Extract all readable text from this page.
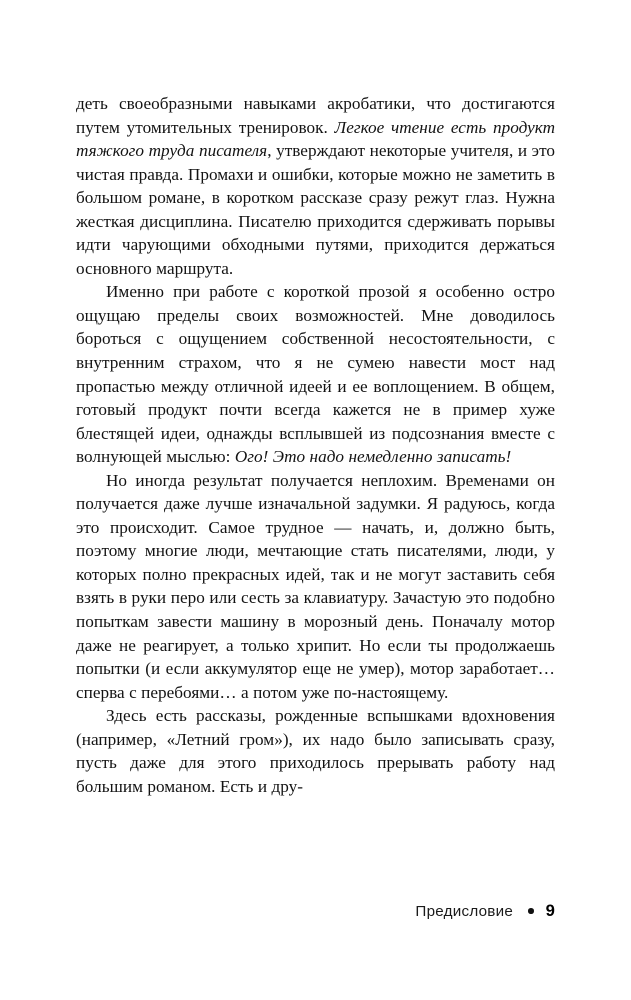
деть своеобразными навыками акробатики, что достигаются путем утомительных тренировок. Легкое чтение есть продукт тяжкого труда писателя, утверждают некоторые учителя, и это чистая правда. Промахи и ошибки, которые можно не заметить в большом романе, в коротком рассказе сразу режут глаз. Нужна жесткая дисциплина. Писателю приходится сдерживать порывы идти чарующими обходными путями, приходится держаться основного маршрута.

Именно при работе с короткой прозой я особенно остро ощущаю пределы своих возможностей. Мне доводилось бороться с ощущением собственной несостоятельности, с внутренним страхом, что я не сумею навести мост над пропастью между отличной идеей и ее воплощением. В общем, готовый продукт почти всегда кажется не в пример хуже блестящей идеи, однажды всплывшей из подсознания вместе с волнующей мыслью: Ого! Это надо немедленно записать!

Но иногда результат получается неплохим. Временами он получается даже лучше изначальной задумки. Я радуюсь, когда это происходит. Самое трудное — начать, и, должно быть, поэтому многие люди, мечтающие стать писателями, люди, у которых полно прекрасных идей, так и не могут заставить себя взять в руки перо или сесть за клавиатуру. Зачастую это подобно попыткам завести машину в морозный день. Поначалу мотор даже не реагирует, а только хрипит. Но если ты продолжаешь попытки (и если аккумулятор еще не умер), мотор заработает… сперва с перебоями… а потом уже по-настоящему.

Здесь есть рассказы, рожденные вспышками вдохновения (например, «Летний гром»), их надо было записывать сразу, пусть даже для этого приходилось прерывать работу над большим романом. Есть и дру-

Предисловие 9
